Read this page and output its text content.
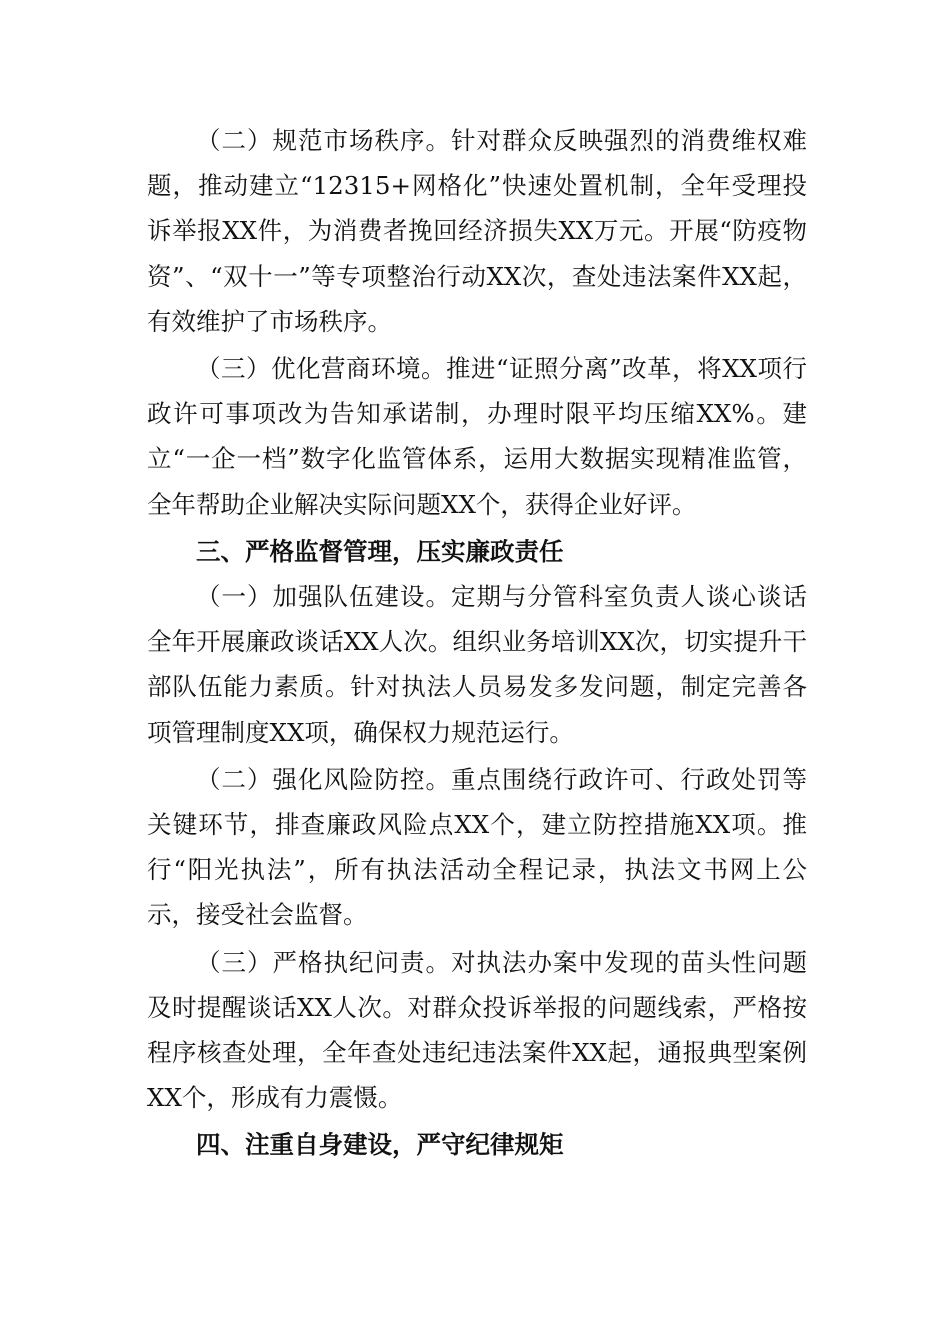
（二）规范市场秩序。针对群众反映强烈的消费维权难题，推动建立“12315+网格化”快速处置机制，全年受理投诉举报XX件，为消费者挽回经济损失XX万元。开展“防疫物资”、“双十一”等专项整治行动XX次，查处违法案件XX起，有效维护了市场秩序。

（三）优化营商环境。推进“证照分离”改革，将XX项行政许可事项改为告知承诺制，办理时限平均压缩XX%。建立“一企一档”数字化监管体系，运用大数据实现精准监管，全年帮助企业解决实际问题XX个，获得企业好评。

三、严格监督管理，压实廉政责任

（一）加强队伍建设。定期与分管科室负责人谈心谈话全年开展廉政谈话XX人次。组织业务培训XX次，切实提升干部队伍能力素质。针对执法人员易发多发问题，制定完善各项管理制度XX项，确保权力规范运行。

（二）强化风险防控。重点围绕行政许可、行政处罚等关键环节，排查廉政风险点XX个，建立防控措施XX项。推行“阳光执法”，所有执法活动全程记录，执法文书网上公示，接受社会监督。

（三）严格执纪问责。对执法办案中发现的苗头性问题及时提醒谈话XX人次。对群众投诉举报的问题线索，严格按程序核查处理，全年查处违纪违法案件XX起，通报典型案例XX个，形成有力震慑。

四、注重自身建设，严守纪律规矩
